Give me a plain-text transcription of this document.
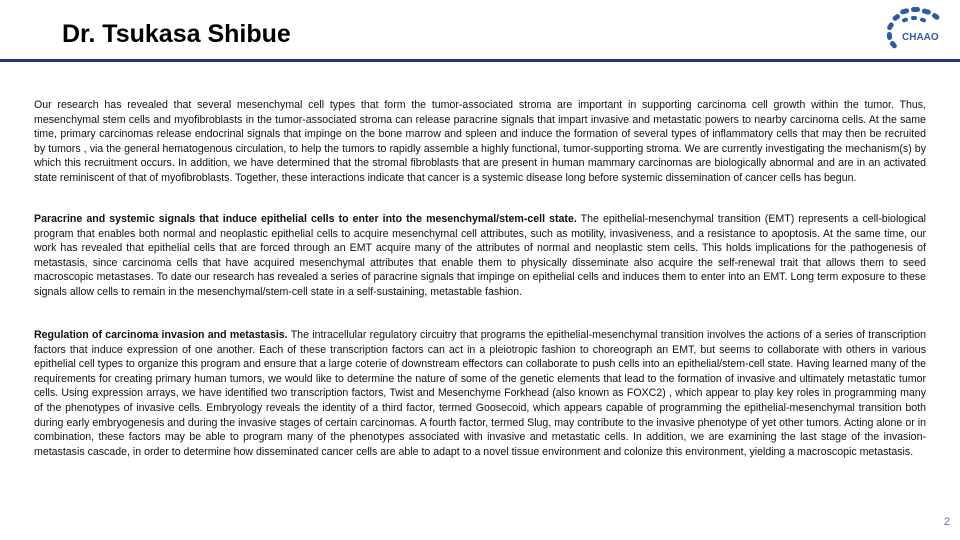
Dr. Tsukasa Shibue	CHAAO
Our research has revealed that several mesenchymal cell types that form the tumor-associated stroma are important in supporting carcinoma cell growth within the tumor. Thus, mesenchymal stem cells and myofibroblasts in the tumor-associated stroma can release paracrine signals that impart invasive and metastatic powers to nearby carcinoma cells. At the same time, primary carcinomas release endocrinal signals that impinge on the bone marrow and spleen and induce the formation of several types of inflammatory cells that may then be recruited by tumors , via the general hematogenous circulation, to help the tumors to rapidly assemble a highly functional, tumor-supporting stroma. We are currently investigating the mechanism(s) by which this recruitment occurs. In addition, we have determined that the stromal fibroblasts that are present in human mammary carcinomas are biologically abnormal and are in an activated state reminiscent of that of myofibroblasts. Together, these interactions indicate that cancer is a systemic disease long before systemic dissemination of cancer cells has begun.
Paracrine and systemic signals that induce epithelial cells to enter into the mesenchymal/stem-cell state. The epithelial-mesenchymal transition (EMT) represents a cell-biological program that enables both normal and neoplastic epithelial cells to acquire mesenchymal cell attributes, such as motility, invasiveness, and a resistance to apoptosis. At the same time, our work has revealed that epithelial cells that are forced through an EMT acquire many of the attributes of normal and neoplastic stem cells. This holds implications for the pathogenesis of metastasis, since carcinoma cells that have acquired mesenchymal attributes that enable them to physically disseminate also acquire the self-renewal trait that allows them to seed macroscopic metastases. To date our research has revealed a series of paracrine signals that impinge on epithelial cells and induces them to enter into an EMT. Long term exposure to these signals allow cells to remain in the mesenchymal/stem-cell state in a self-sustaining, metastable fashion.
Regulation of carcinoma invasion and metastasis. The intracellular regulatory circuitry that programs the epithelial-mesenchymal transition involves the actions of a series of transcription factors that induce expression of one another. Each of these transcription factors can act in a pleiotropic fashion to choreograph an EMT, but seems to collaborate with others in various epithelial cell types to organize this program and ensure that a large coterie of downstream effectors can collaborate to push cells into an epithelial/stem-cell state. Having learned many of the requirements for creating primary human tumors, we would like to determine the nature of some of the genetic elements that lead to the formation of invasive and ultimately metastatic tumor cells. Using expression arrays, we have identified two transcription factors, Twist and Mesenchyme Forkhead (also known as FOXC2) , which appear to play key roles in programming many of the phenotypes of invasive cells. Embryology reveals the identity of a third factor, termed Goosecoid, which appears capable of programming the epithelial-mesenchymal transition both during early embryogenesis and during the invasive stages of certain carcinomas. A fourth factor, termed Slug, may contribute to the invasive phenotype of yet other tumors. Acting alone or in combination, these factors may be able to program many of the phenotypes associated with invasive and metastatic cells. In addition, we are examining the last stage of the invasion-metastasis cascade, in order to determine how disseminated cancer cells are able to adapt to a novel tissue environment and colonize this environment, yielding a macroscopic metastasis.
2
